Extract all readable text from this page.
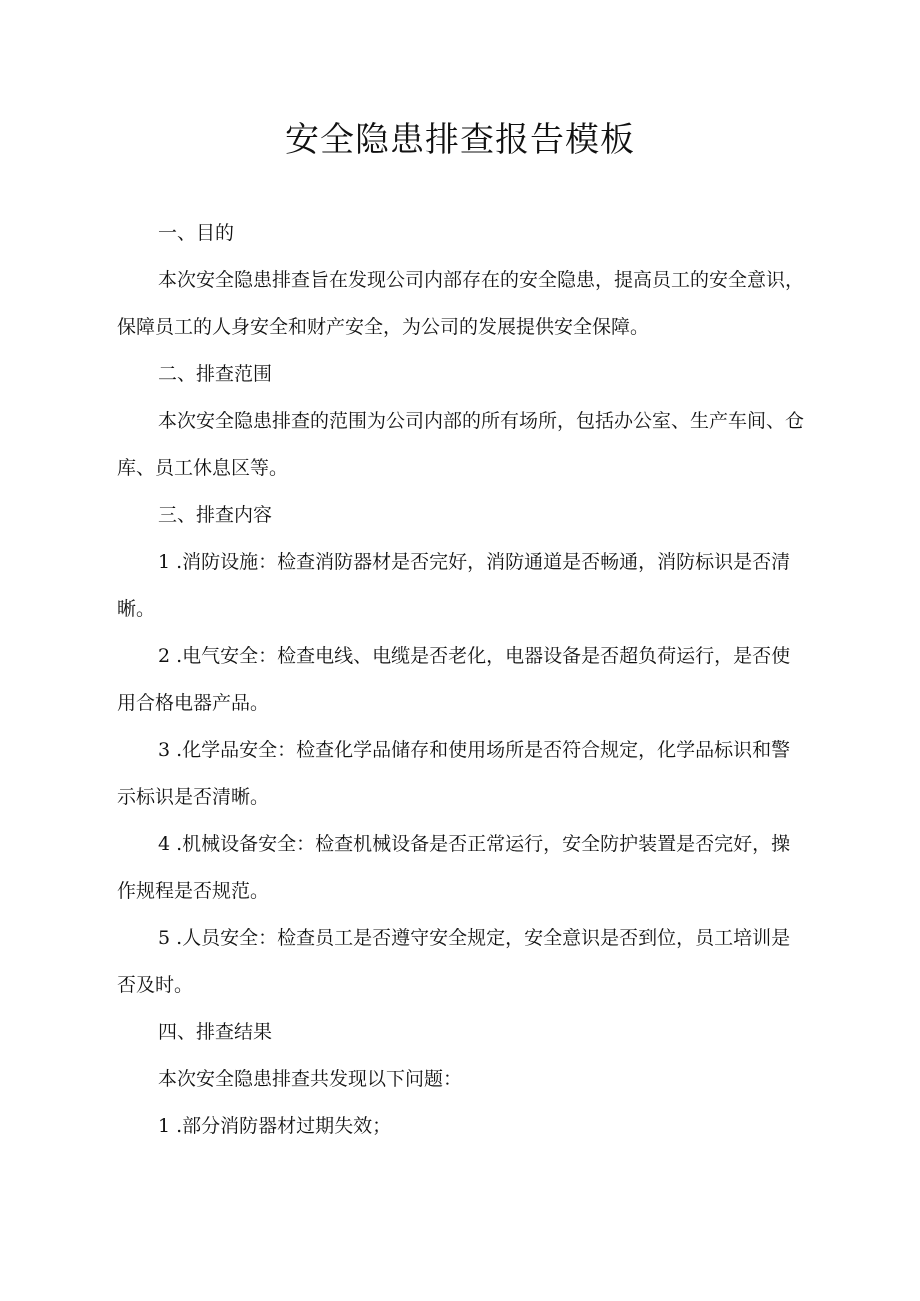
安全隐患排查报告模板

一、目的

本次安全隐患排查旨在发现公司内部存在的安全隐患，提高员工的安全意识，保障员工的人身安全和财产安全，为公司的发展提供安全保障。

二、排查范围

本次安全隐患排查的范围为公司内部的所有场所，包括办公室、生产车间、仓库、员工休息区等。

三、排查内容

1 .消防设施：检查消防器材是否完好，消防通道是否畅通，消防标识是否清晰。

2 .电气安全：检查电线、电缆是否老化，电器设备是否超负荷运行，是否使用合格电器产品。

3 .化学品安全：检查化学品储存和使用场所是否符合规定，化学品标识和警示标识是否清晰。

4 .机械设备安全：检查机械设备是否正常运行，安全防护装置是否完好，操作规程是否规范。

5 .人员安全：检查员工是否遵守安全规定，安全意识是否到位，员工培训是否及时。

四、排查结果

本次安全隐患排查共发现以下问题：

1 .部分消防器材过期失效；
